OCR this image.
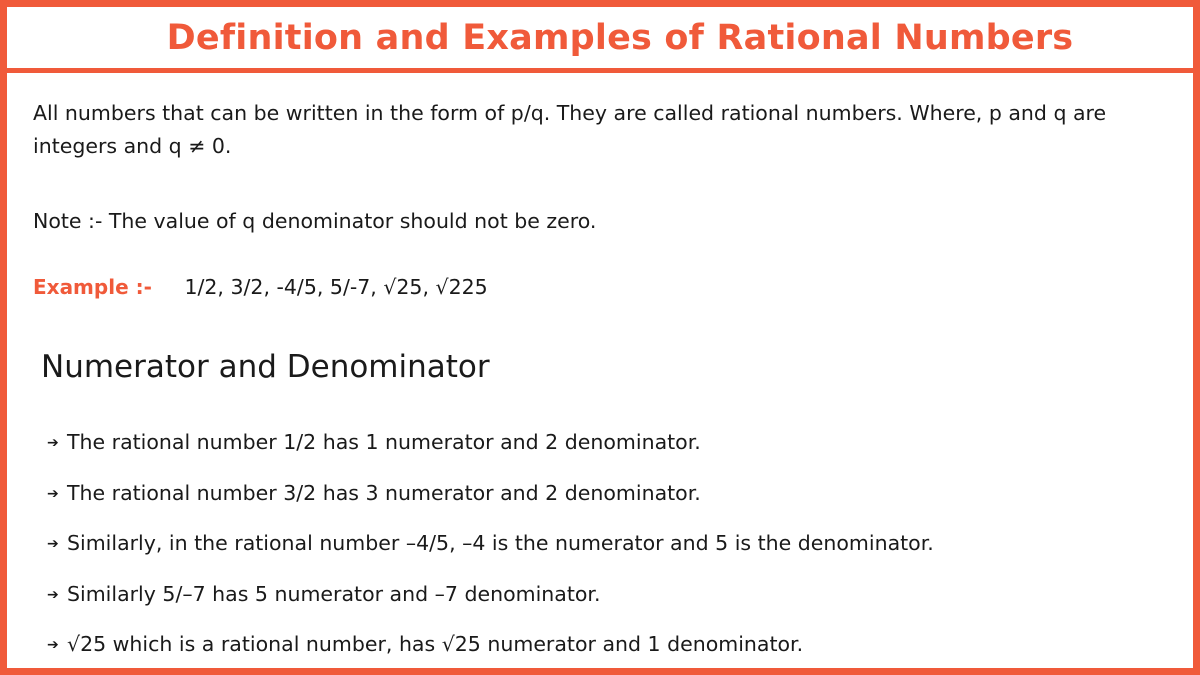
Definition and Examples of Rational Numbers

All numbers that can be written in the form of p/q. They are called rational numbers. Where, p and q are integers and q ≠ 0.

Note :- The value of q denominator should not be zero.

Example :- 1/2, 3/2, -4/5, 5/-7, √25, √225
Numerator and Denominator
➔ The rational number 1/2 has 1 numerator and 2 denominator.
➔ The rational number 3/2 has 3 numerator and 2 denominator.
➔ Similarly, in the rational number –4/5, –4 is the numerator and 5 is the denominator.
➔ Similarly 5/–7 has 5 numerator and –7 denominator.
➔ √25 which is a rational number, has √25 numerator and 1 denominator.
